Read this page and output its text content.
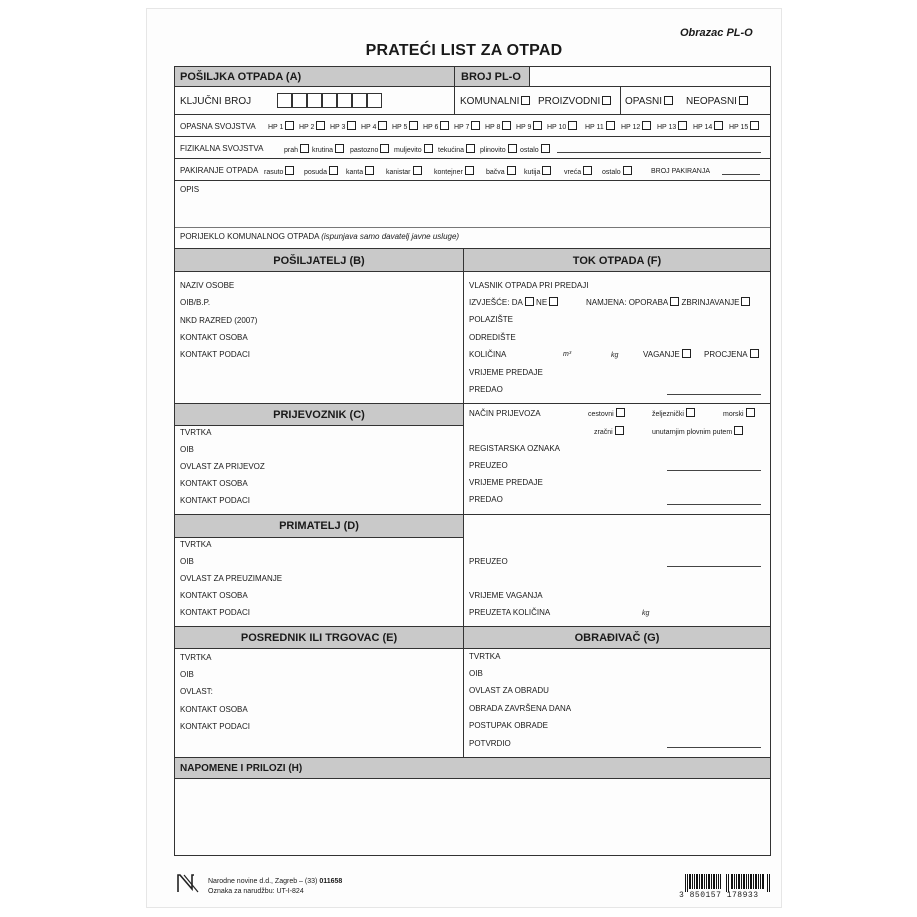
Obrazac PL-O
PRATEĆI LIST ZA OTPAD
POŠILJKA OTPADA (A)	BROJ PL-O
KLJUČNI BROJ	KOMUNALNI	PROIZVODNI	OPASNI	NEOPASNI
OPASNA SVOJSTVA HP 1	HP 2	HP 3	HP 4	HP 5	HP 6	HP 7	HP 8	HP 9	HP 10	HP 11	HP 12	HP 13	HP 14	HP 15
FIZIKALNA SVOJSTVA	prah	krutina	pastozno	muljevito	tekućina	plinovito	ostalo
PAKIRANJE OTPADA rasuto	posuda	kanta	kanistar	kontejner	bačva	kutija	vreća	ostalo	BROJ PAKIRANJA
OPIS
PORIJEKLO KOMUNALNOG OTPADA (ispunjava samo davatelj javne usluge)
POŠILJATELJ (B)	TOK OTPADA (F)
NAZIV OSOBE
OIB/B.P.
NKD RAZRED (2007)
KONTAKT OSOBA
KONTAKT PODACI
VLASNIK OTPADA PRI PREDAJI
IZVJEŠĆE: DA NE	NAMJENA: OPORABA ZBRINJAVANJE
POLAZIŠTE
ODREDIŠTE
KOLIČINA	m³	kg	VAGANJE	PROCJENA
VRIJEME PREDAJE
PREDAO
PRIJEVOZNIK (C)
TVRTKA
OIB
OVLAST ZA PRIJEVOZ
KONTAKT OSOBA
KONTAKT PODACI
NAČIN PRIJEVOZA	cestovni	željeznički	morski
zračni	unutarnjim plovnim putem
REGISTARSKA OZNAKA
PREUZEO
VRIJEME PREDAJE
PREDAO
PRIMATELJ (D)
TVRTKA
OIB
OVLAST ZA PREUZIMANJE
KONTAKT OSOBA
KONTAKT PODACI
PREUZEO
VRIJEME VAGANJA
PREUZETA KOLIČINA	kg
POSREDNIK ILI TRGOVAC (E)	OBRAĐIVAČ (G)
TVRTKA
OIB
OVLAST:
KONTAKT OSOBA
KONTAKT PODACI
TVRTKA
OIB
OVLAST ZA OBRADU
OBRADA ZAVRŠENA DANA
POSTUPAK OBRADE
POTVRDIO
NAPOMENE I PRILOZI (H)
Narodne novine d.d., Zagreb – (33) 011658
Oznaka za narudžbu: UT-I-824	3 850157 178933
